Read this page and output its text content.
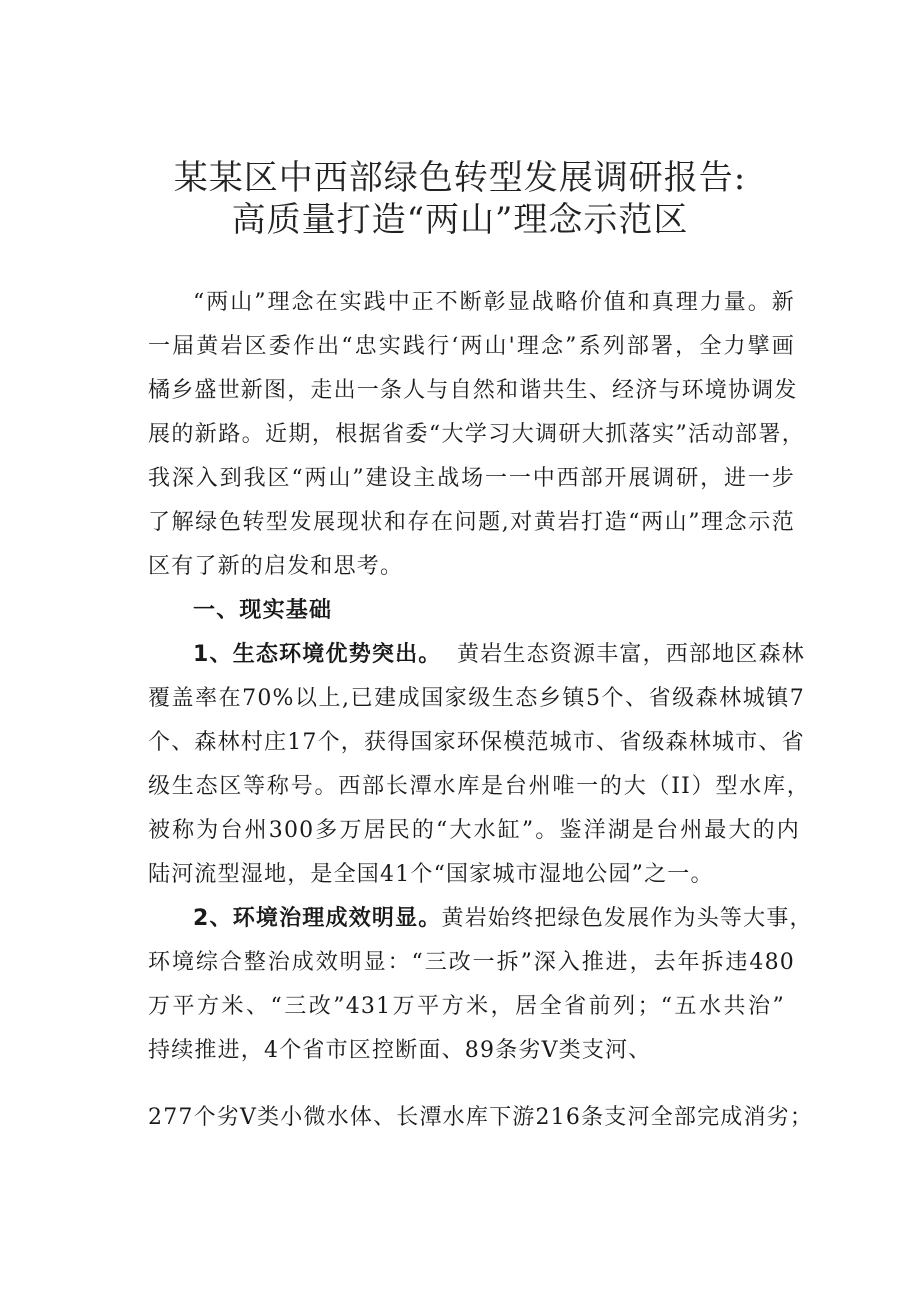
某某区中西部绿色转型发展调研报告:
高质量打造“两山”理念示范区
“两山”理念在实践中正不断彰显战略价值和真理力量。新
一届黄岩区委作出“忠实践行‘两山'理念”系列部署，全力擘画
橘乡盛世新图，走出一条人与自然和谐共生、经济与环境协调发
展的新路。近期，根据省委“大学习大调研大抓落实”活动部署，
我深入到我区“两山”建设主战场一一中西部开展调研，进一步
了解绿色转型发展现状和存在问题,对黄岩打造“两山”理念示范
区有了新的启发和思考。
一、现实基础
1、生态环境优势突出。 黄岩生态资源丰富，西部地区森林
覆盖率在70%以上,已建成国家级生态乡镇5个、省级森林城镇7
个、森林村庄17个，获得国家环保模范城市、省级森林城市、省
级生态区等称号。西部长潭水库是台州唯一的大（II）型水库，
被称为台州300多万居民的“大水缸”。鉴洋湖是台州最大的内
陆河流型湿地，是全国41个“国家城市湿地公园”之一。
2、环境治理成效明显。 黄岩始终把绿色发展作为头等大事，
环境综合整治成效明显：“三改一拆”深入推进，去年拆违480
万平方米、“三改”431万平方米，居全省前列；“五水共治”
持续推进，4个省市区控断面、89条劣V类支河、
277个劣V类小微水体、长潭水库下游216条支河全部完成消劣；
